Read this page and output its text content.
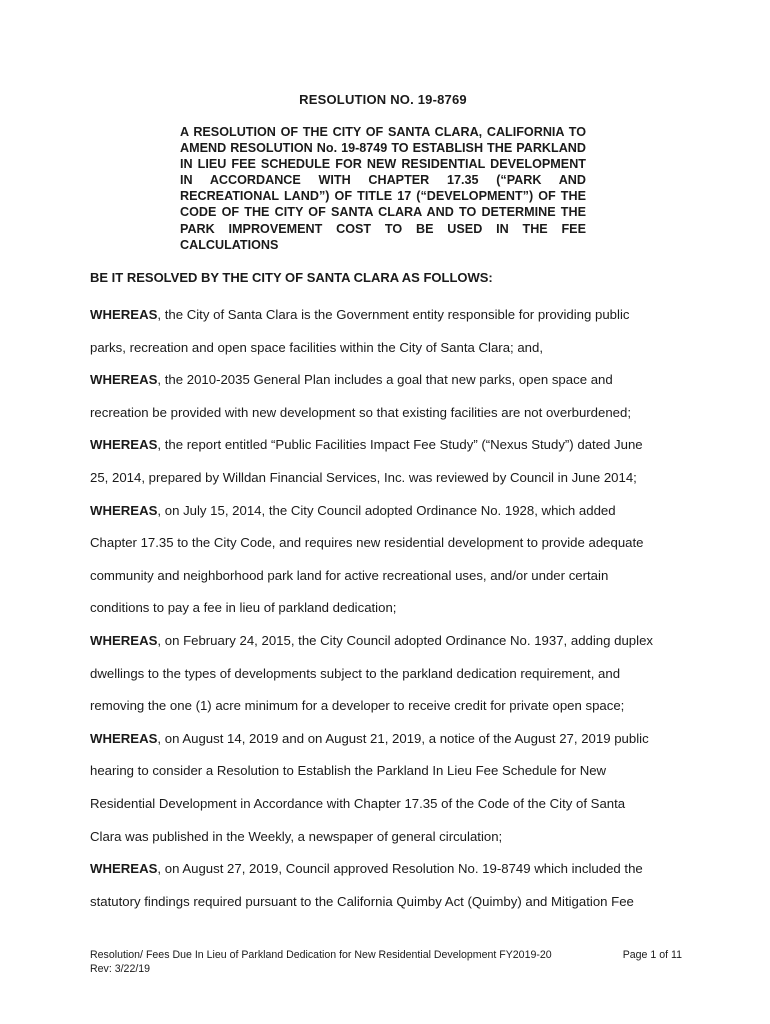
RESOLUTION NO. 19-8769
A RESOLUTION OF THE CITY OF SANTA CLARA, CALIFORNIA TO AMEND RESOLUTION No. 19-8749 TO ESTABLISH THE PARKLAND IN LIEU FEE SCHEDULE FOR NEW RESIDENTIAL DEVELOPMENT IN ACCORDANCE WITH CHAPTER 17.35 (“PARK AND RECREATIONAL LAND”) OF TITLE 17 (“DEVELOPMENT”) OF THE CODE OF THE CITY OF SANTA CLARA AND TO DETERMINE THE PARK IMPROVEMENT COST TO BE USED IN THE FEE CALCULATIONS
BE IT RESOLVED BY THE CITY OF SANTA CLARA AS FOLLOWS:
WHEREAS, the City of Santa Clara is the Government entity responsible for providing public
parks, recreation and open space facilities within the City of Santa Clara; and,
WHEREAS, the 2010-2035 General Plan includes a goal that new parks, open space and
recreation be provided with new development so that existing facilities are not overburdened;
WHEREAS, the report entitled “Public Facilities Impact Fee Study” (“Nexus Study”) dated June
25, 2014, prepared by Willdan Financial Services, Inc. was reviewed by Council in June 2014;
WHEREAS, on July 15, 2014, the City Council adopted Ordinance No. 1928, which added
Chapter 17.35 to the City Code, and requires new residential development to provide adequate
community and neighborhood park land for active recreational uses, and/or under certain
conditions to pay a fee in lieu of parkland dedication;
WHEREAS, on February 24, 2015, the City Council adopted Ordinance No. 1937, adding duplex
dwellings to the types of developments subject to the parkland dedication requirement, and
removing the one (1) acre minimum for a developer to receive credit for private open space;
WHEREAS, on August 14, 2019 and on August 21, 2019, a notice of the August 27, 2019 public
hearing to consider a Resolution to Establish the Parkland In Lieu Fee Schedule for New
Residential Development in Accordance with Chapter 17.35 of the Code of the City of Santa
Clara was published in the Weekly, a newspaper of general circulation;
WHEREAS, on August 27, 2019, Council approved Resolution No. 19-8749 which included the
statutory findings required pursuant to the California Quimby Act (Quimby) and Mitigation Fee
Resolution/ Fees Due In Lieu of Parkland Dedication for New Residential Development FY2019-20
Rev: 3/22/19
Page 1 of 11
